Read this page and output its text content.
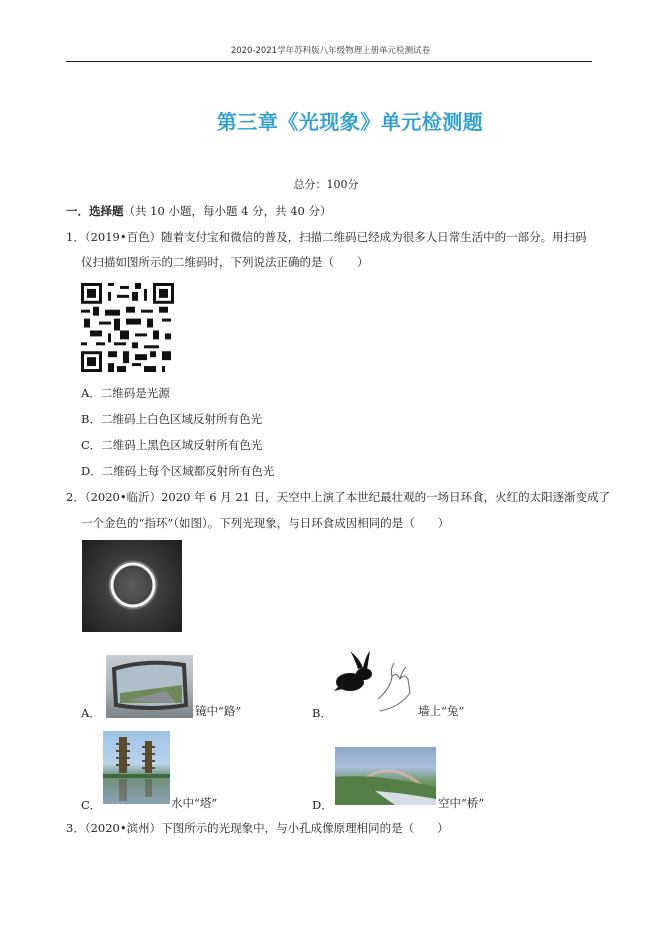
2020-2021学年苏科版八年级物理上册单元检测试卷
第三章《光现象》单元检测题
总分：100分
一．选择题（共 10 小题，每小题 4 分，共 40 分）
1．（2019•百色）随着支付宝和微信的普及，扫描二维码已经成为很多人日常生活中的一部分。用扫码
仪扫描如图所示的二维码时，下列说法正确的是（　　）
A．二维码是光源
B．二维码上白色区域反射所有色光
C．二维码上黑色区域反射所有色光
D．二维码上每个区域都反射所有色光
2．（2020•临沂）2020 年 6 月 21 日，天空中上演了本世纪最壮观的一场日环食，火红的太阳逐渐变成了
一个金色的“指环”（如图）。下列光现象，与日环食成因相同的是（　　）
A．	镜中“路”	B．	墙上“兔”
C．	水中“塔”	D．	空中“桥”
3．（2020•滨州）下图所示的光现象中，与小孔成像原理相同的是（　　）
